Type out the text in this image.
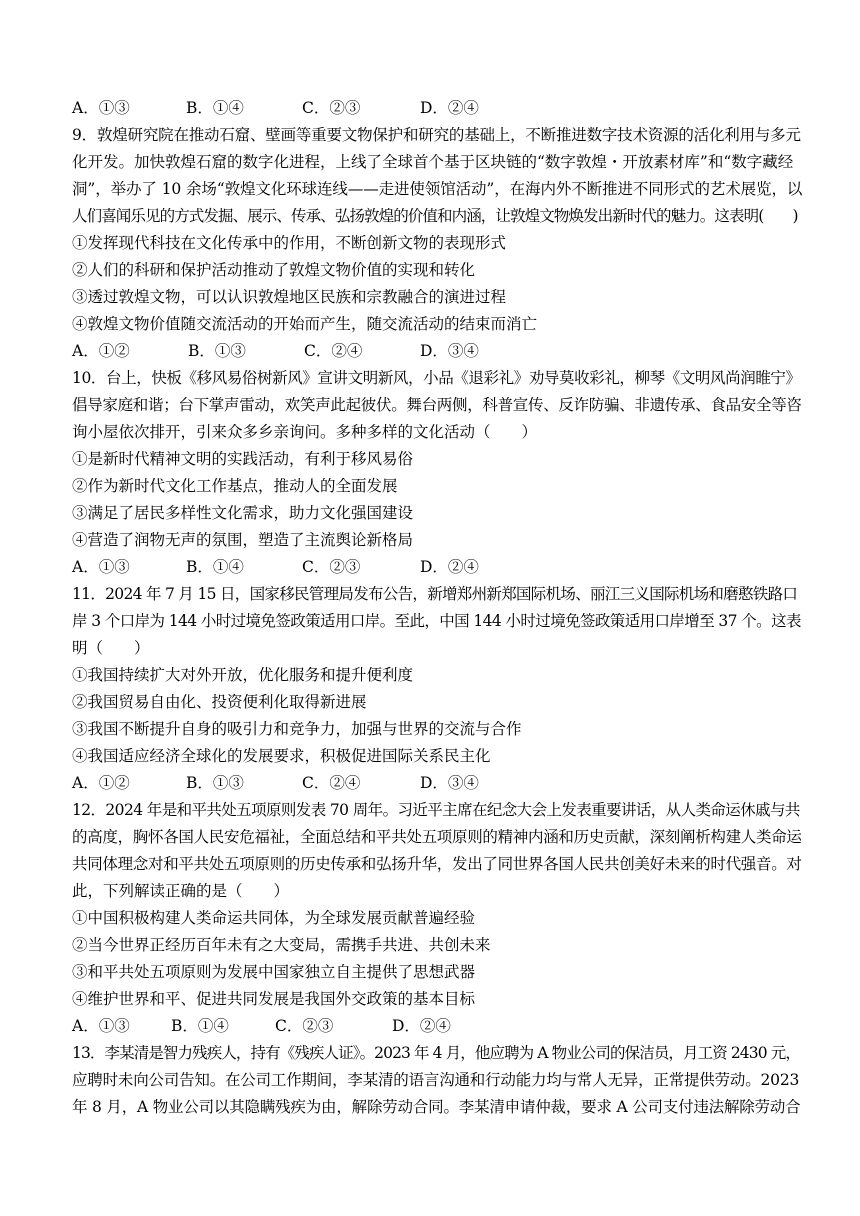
A．①③	B．①④	C．②③	D．②④
9．敦煌研究院在推动石窟、壁画等重要文物保护和研究的基础上，不断推进数字技术资源的活化利用与多元
化开发。加快敦煌石窟的数字化进程，上线了全球首个基于区块链的“数字敦煌・开放素材库”和“数字藏经
洞”，举办了 10 余场“敦煌文化环球连线——走进使领馆活动”，在海内外不断推进不同形式的艺术展览，以
人们喜闻乐见的方式发掘、展示、传承、弘扬敦煌的价值和内涵，让敦煌文物焕发出新时代的魅力。这表明(　　)
①发挥现代科技在文化传承中的作用，不断创新文物的表现形式
②人们的科研和保护活动推动了敦煌文物价值的实现和转化
③透过敦煌文物，可以认识敦煌地区民族和宗教融合的演进过程
④敦煌文物价值随交流活动的开始而产生，随交流活动的结束而消亡
A．①②	B．①③	C．②④	D．③④
10．台上，快板《移风易俗树新风》宣讲文明新风，小品《退彩礼》劝导莫收彩礼，柳琴《文明风尚润睢宁》
倡导家庭和谐；台下掌声雷动，欢笑声此起彼伏。舞台两侧，科普宣传、反诈防骗、非遗传承、食品安全等咨
询小屋依次排开，引来众多乡亲询问。多种多样的文化活动（　　）
①是新时代精神文明的实践活动，有利于移风易俗
②作为新时代文化工作基点，推动人的全面发展
③满足了居民多样性文化需求，助力文化强国建设
④营造了润物无声的氛围，塑造了主流舆论新格局
A．①③	B．①④	C．②③	D．②④
11．2024 年 7 月 15 日，国家移民管理局发布公告，新增郑州新郑国际机场、丽江三义国际机场和磨憨铁路口
岸 3 个口岸为 144 小时过境免签政策适用口岸。至此，中国 144 小时过境免签政策适用口岸增至 37 个。这表
明（　　）
①我国持续扩大对外开放，优化服务和提升便利度
②我国贸易自由化、投资便利化取得新进展
③我国不断提升自身的吸引力和竞争力，加强与世界的交流与合作
④我国适应经济全球化的发展要求，积极促进国际关系民主化
A．①②	B．①③	C．②④	D．③④
12．2024 年是和平共处五项原则发表 70 周年。习近平主席在纪念大会上发表重要讲话，从人类命运休戚与共
的高度，胸怀各国人民安危福祉，全面总结和平共处五项原则的精神内涵和历史贡献，深刻阐析构建人类命运
共同体理念对和平共处五项原则的历史传承和弘扬升华，发出了同世界各国人民共创美好未来的时代强音。对
此，下列解读正确的是（　　）
①中国积极构建人类命运共同体，为全球发展贡献普遍经验
②当今世界正经历百年未有之大变局，需携手共进、共创未来
③和平共处五项原则为发展中国家独立自主提供了思想武器
④维护世界和平、促进共同发展是我国外交政策的基本目标
A．①③	B．①④	C．②③	D．②④
13．李某清是智力残疾人，持有《残疾人证》。2023 年 4 月，他应聘为 A 物业公司的保洁员，月工资 2430 元，
应聘时未向公司告知。在公司工作期间，李某清的语言沟通和行动能力均与常人无异，正常提供劳动。2023
年 8 月，A 物业公司以其隐瞒残疾为由，解除劳动合同。李某清申请仲裁，要求 A 公司支付违法解除劳动合
